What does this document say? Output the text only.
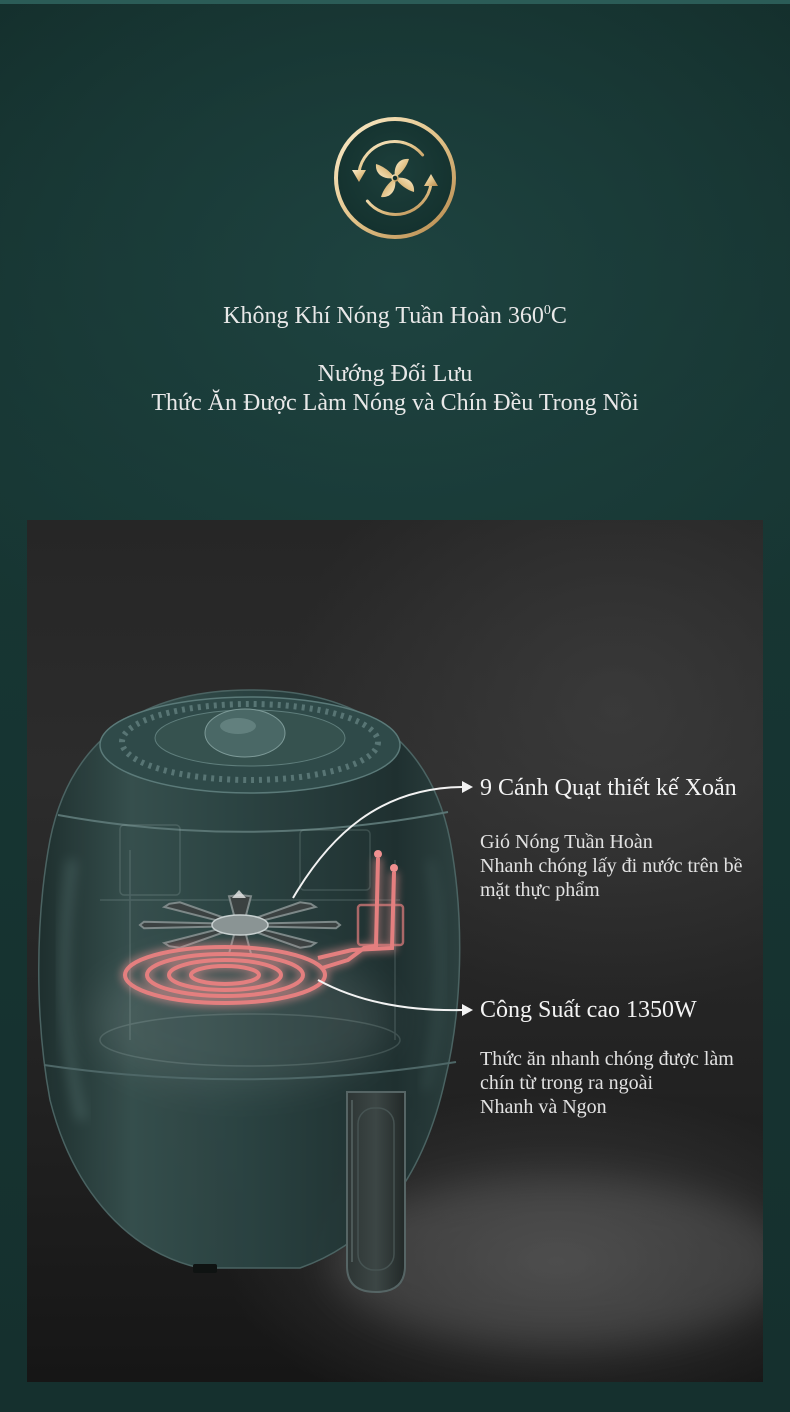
Không Khí Nóng Tuần Hoàn $360^0C$
Nướng Đối Lưu
Thức Ăn Được Làm Nóng và Chín Đều Trong Nồi
9 Cánh Quạt thiết kế Xoắn
Gió Nóng Tuần Hoàn
Nhanh chóng lấy đi nước trên bề
mặt thực phẩm
Công Suất cao 1350W
Thức ăn nhanh chóng được làm
chín từ trong ra ngoài
Nhanh và Ngon
